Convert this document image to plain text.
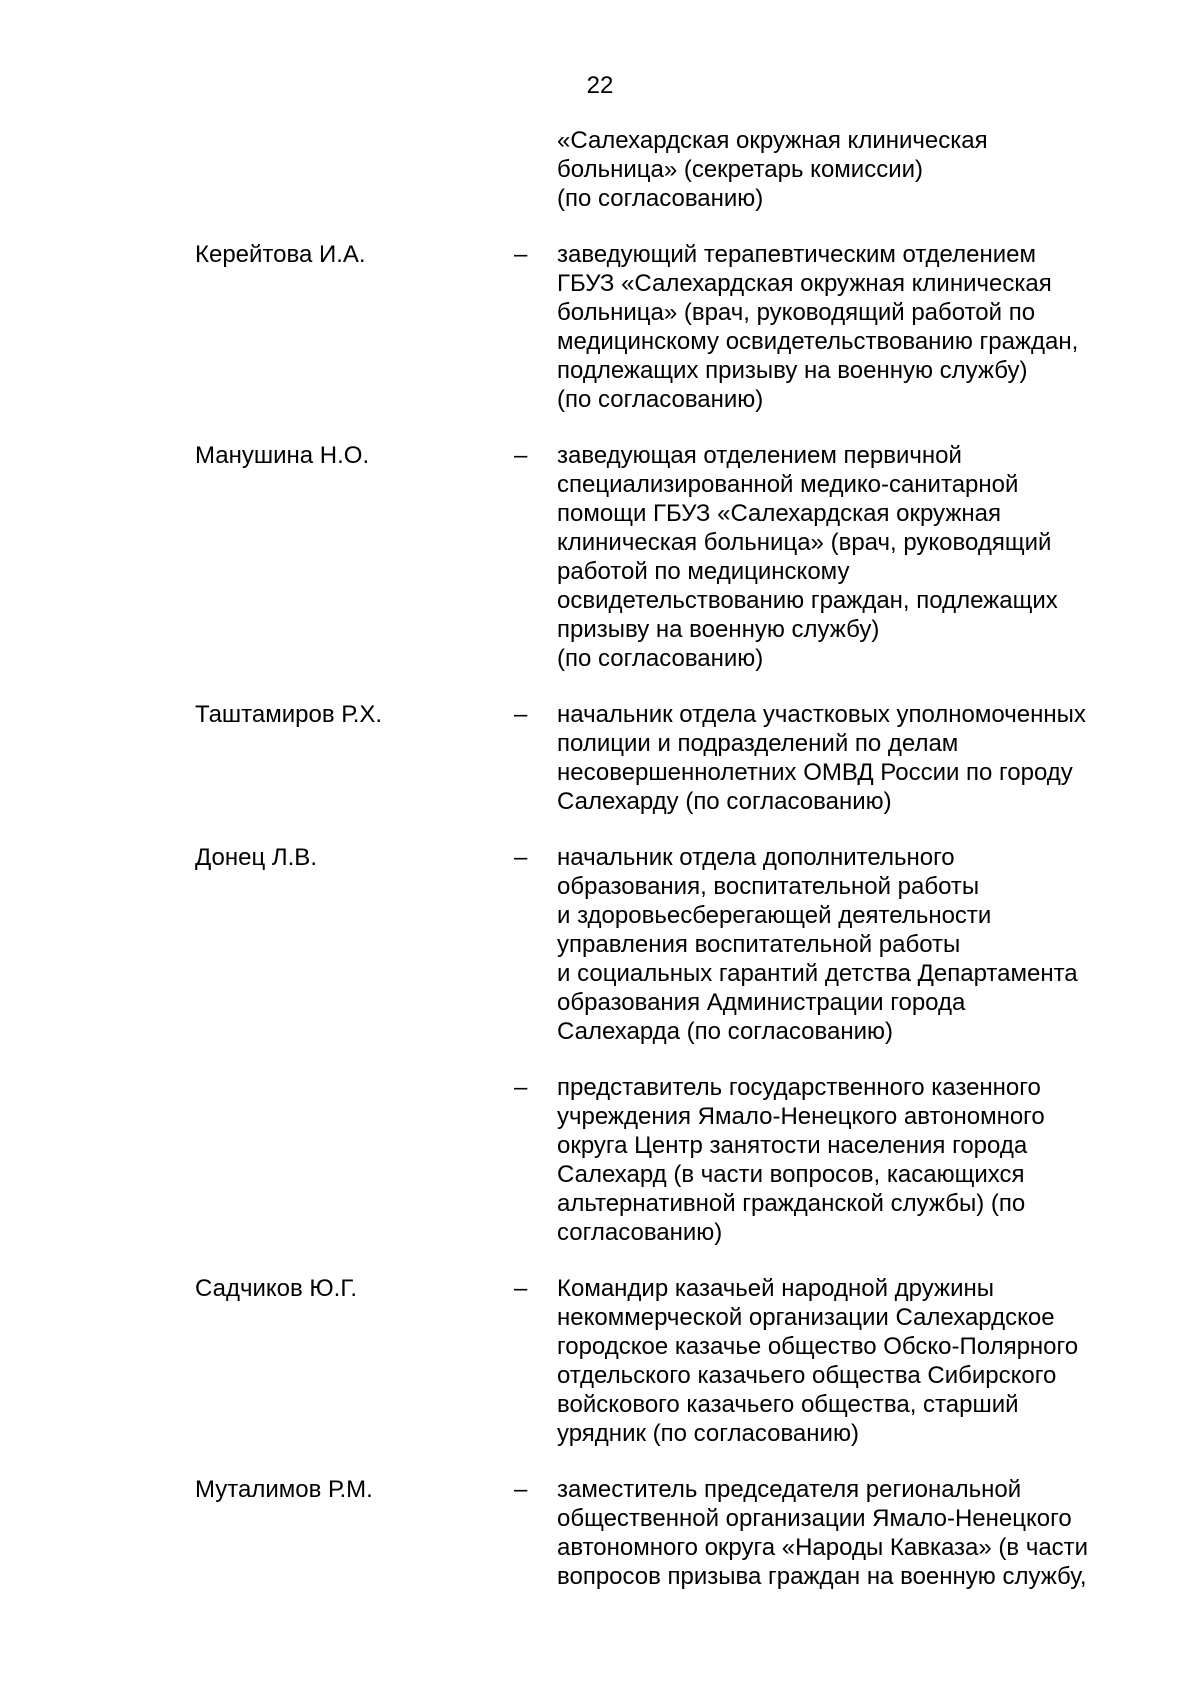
22
«Салехардская окружная клиническая
больница» (секретарь комиссии)
(по согласованию)
Керейтова И.А.	–	заведующий терапевтическим отделением
ГБУЗ «Салехардская окружная клиническая
больница» (врач, руководящий работой по
медицинскому освидетельствованию граждан,
подлежащих призыву на военную службу)
(по согласованию)
Манушина Н.О.	–	заведующая отделением первичной
специализированной медико-санитарной
помощи ГБУЗ «Салехардская окружная
клиническая больница» (врач, руководящий
работой по медицинскому
освидетельствованию граждан, подлежащих
призыву на военную службу)
(по согласованию)
Таштамиров Р.Х.	–	начальник отдела участковых уполномоченных
полиции и подразделений по делам
несовершеннолетних ОМВД России по городу
Салехарду (по согласованию)
Донец Л.В.	–	начальник отдела дополнительного
образования, воспитательной работы
и здоровьесберегающей деятельности
управления воспитательной работы
и социальных гарантий детства Департамента
образования Администрации города
Салехарда (по согласованию)
–	представитель государственного казенного
учреждения Ямало-Ненецкого автономного
округа Центр занятости населения города
Салехард (в части вопросов, касающихся
альтернативной гражданской службы) (по
согласованию)
Садчиков Ю.Г.	–	Командир казачьей народной дружины
некоммерческой организации Салехардское
городское казачье общество Обско-Полярного
отдельского казачьего общества Сибирского
войскового казачьего общества, старший
урядник (по согласованию)
Муталимов Р.М.	–	заместитель председателя региональной
общественной организации Ямало-Ненецкого
автономного округа «Народы Кавказа» (в части
вопросов призыва граждан на военную службу,
